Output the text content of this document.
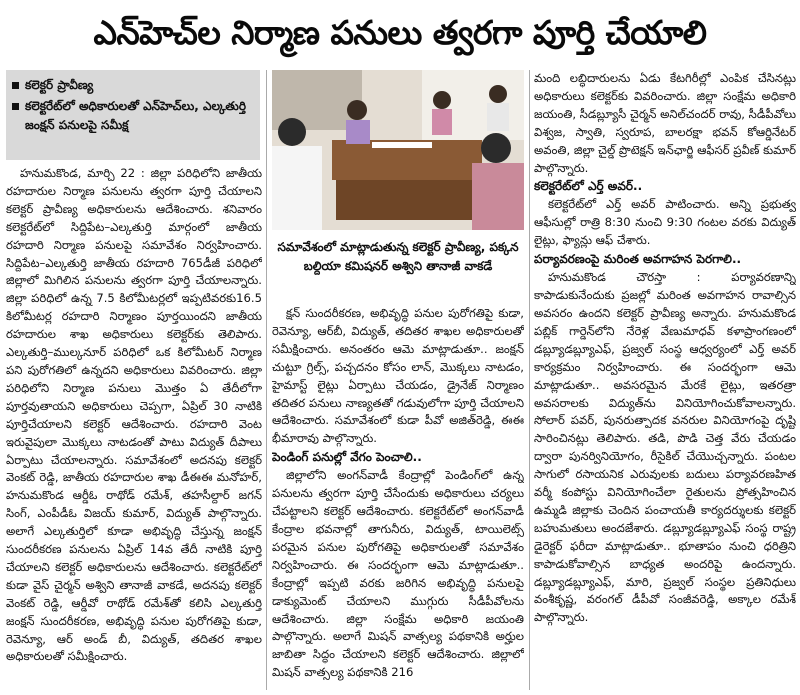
ఎన్‌హెచ్‌ల నిర్మాణ పనులు త్వరగా పూర్తి చేయాలి
కలెక్టర్ ప్రావీణ్య
కలెక్టరేట్‌లో అధికారులతో ఎన్‌హెచ్‌లు, ఎల్కతుర్తి జంక్షన్ పనులపై సమీక్ష

హనుమకొండ, మార్చి 22 : జిల్లా పరిధిలోని జాతీయ రహదారుల నిర్మాణ పనులను త్వరగా పూర్తి చేయాలని కలెక్టర్ ప్రావీణ్య అధికారులను ఆదేశించారు. శనివారం కలెక్టరేట్‌లో సిద్దిపేట–ఎల్కతుర్తి మార్గంలో జాతీయ రహదారి నిర్మాణ పనులపై సమావేశం నిర్వహించారు. సిద్దిపేట–ఎల్కతుర్తి జాతీయ రహదారి 765డీజీ పరిధిలో జిల్లాలో మిగిలిన పనులను త్వరగా పూర్తి చేయాలన్నారు. జిల్లా పరిధిలో ఉన్న 7.5 కిలోమీటర్లలో ఇప్పటివరకు16.5 కిలోమీటర్ల రహదారి నిర్మాణం పూర్తయిందని జాతీయ రహదారుల శాఖ అధికారులు కలెక్టర్‌కు తెలిపారు. ఎల్కతుర్తి–ముల్కనూర్ పరిధిలో ఒక కిలోమీటర్ నిర్మాణ పని పురోగతిలో ఉన్నదని అధికారులు వివరించారు. జిల్లా పరిధిలోని నిర్మాణ పనులు మొత్తం ఏ తేదీలోగా పూర్తవుతాయని అధికారులు చెప్పగా, ఏప్రిల్ 30 నాటికి పూర్తిచేయాలని కలెక్టర్ ఆదేశించారు. రహదారి వెంట ఇరువైపులా మొక్కలు నాటడంతో పాటు విద్యుత్ దీపాలు ఏర్పాటు చేయాలన్నారు. సమావేశంలో అదనపు కలెక్టర్ వెంకట్ రెడ్డి, జాతీయ రహదారుల శాఖ డీఈఈ మనోహర్, హనుమకొండ ఆర్డీఓ రాథోడ్ రమేశ్, తహసీల్దార్ జగన్ సింగ్, ఎంపీడీఓ విజయ్ కుమార్, విద్యుత్ పాల్గొన్నారు. అలాగే ఎల్కతుర్తిలో కూడా అభివృద్ధి చేస్తున్న జంక్షన్ సుందరీకరణ పనులను ఏప్రిల్ 14వ తేదీ నాటికి పూర్తి చేయాలని కలెక్టర్ అధికారులను ఆదేశించారు. కలెక్టరేట్‌లో కుడా వైస్ చైర్మన్ అశ్విని తానాజీ వాకడే, అదనపు కలెక్టర్ వెంకట్ రెడ్డి, ఆర్డీవో రాథోడ్ రమేశ్‌తో కలిసి ఎల్కతుర్తి జంక్షన్ సుందరీకరణ, అభివృద్ధి పనుల పురోగతిపై కుడా, రెవెన్యూ, ఆర్ అండ్ బీ, విద్యుత్, తదితర శాఖల అధికారులతో సమీక్షించారు.

సమావేశంలో మాట్లాడుతున్న కలెక్టర్ ప్రావీణ్య, పక్కన బల్దియా కమిషనర్ అశ్విని తానాజీ వాకడే

క్షన్ సుందరీకరణ, అభివృద్ధి పనుల పురోగతిపై కుడా, రెవెన్యూ, ఆర్‌బీ, విద్యుత్, తదితర శాఖల అధికారులతో సమీక్షించారు. అనంతరం ఆమె మాట్లాడుతూ.. జంక్షన్ చుట్టూ గ్రిల్స్, పచ్చదనం కోసం లాన్, మొక్కలు నాటడం, హైమాస్ట్ లైట్లు ఏర్పాటు చేయడం, డ్రైనేజ్ నిర్మాణం తదితర పనులు నాణ్యతతో గడువులోగా పూర్తి చేయాలని ఆదేశించారు. సమావేశంలో కుడా పీవో అజిత్‌రెడ్డి, ఈఈ భీమారావు పాల్గొన్నారు.

పెండింగ్ పనుల్లో వేగం పెంచాలి..

జిల్లాలోని అంగన్‌వాడీ కేంద్రాల్లో పెండింగ్‌లో ఉన్న పనులను త్వరగా పూర్తి చేసేందుకు అధికారులు చర్యలు చేపట్టాలని కలెక్టర్ ఆదేశించారు. కలెక్టరేట్‌లో అంగన్‌వాడీ కేంద్రాల భవనాల్లో తాగునీరు, విద్యుత్, టాయిలెట్స్ పరమైన పనుల పురోగతిపై అధికారులతో సమావేశం నిర్వహించారు. ఈ సందర్భంగా ఆమె మాట్లాడుతూ.. కేంద్రాల్లో ఇప్పటి వరకు జరిగిన అభివృద్ధి పనులపై డాక్యుమెంట్ చేయాలని ముగ్గురు సీడీపీవోలను ఆదేశించారు. జిల్లా సంక్షేమ అధికారి జయంతి పాల్గొన్నారు. అలాగే మిషన్ వాత్సల్య పథకానికి అర్హుల జాబితా సిద్ధం చేయాలని కలెక్టర్ ఆదేశించారు. జిల్లాలో మిషన్ వాత్సల్య పథకానికి 216

మంది లబ్ధిదారులను ఏడు కేటగిరీల్లో ఎంపిక చేసినట్లు అధికారులు కలెక్టర్‌కు వివరించారు. జిల్లా సంక్షేమ అధికారి జయంతి, సీడబ్ల్యూసీ చైర్మన్ అనిల్‌చందర్ రావు, సీడీపీవోలు విశ్వజ, స్వాతి, స్వరూప, బాలరక్షా భవన్ కోఆర్డినేటర్ అవంతి, జిల్లా చైల్డ్ ప్రొటెక్షన్ ఇన్‌ఛార్జి ఆఫీసర్ ప్రవీణ్ కుమార్ పాల్గొన్నారు.

కలెక్టరేట్‌లో ఎర్త్ అవర్..

కలెక్టరేట్‌లో ఎర్త్ అవర్ పాటించారు. అన్ని ప్రభుత్వ ఆఫీసుల్లో రాత్రి 8:30 నుంచి 9:30 గంటల వరకు విద్యుత్ లైట్లు, ఫ్యాన్లు ఆఫ్ చేశారు.

పర్యావరణంపై మరింత అవగాహన పెరగాలి..

హనుమకొండ చౌరస్తా : పర్యావరణాన్ని కాపాడుకునేందుకు ప్రజల్లో మరింత అవగాహన రావాల్సిన అవసరం ఉందని కలెక్టర్ ప్రావీణ్య అన్నారు. హనుమకొండ పబ్లిక్ గార్డెన్‌లోని నేరెళ్ల వేణుమాధవ్ కళాప్రాంగణంలో డబ్ల్యూడబ్ల్యూఎఫ్, ప్రజ్వల్ సంస్థ ఆధ్వర్యంలో ఎర్త్ అవర్ కార్యక్రమం నిర్వహించారు. ఈ సందర్భంగా ఆమె మాట్లాడుతూ.. అవసరమైన మేరకే లైట్లు, ఇతరత్రా అవసరాలకు విద్యుత్‌ను వినియోగించుకోవాలన్నారు. సోలార్ పవర్, పునరుత్పాదక వనరుల వినియోగంపై దృష్టి సారించినట్లు తెలిపారు. తడి, పొడి చెత్త వేరు చేయడం ద్వారా పునర్వినియోగం, రీసైకిల్ చేయొచ్చన్నారు. పంటల సాగులో రసాయనిక ఎరువులకు బదులు పర్యావరణహిత వర్మీ కంపోస్టు వినియోగించేలా రైతులను ప్రోత్సహించిన ఉమ్మడి జిల్లాకు చెందిన పంచాయతీ కార్యదర్శులకు కలెక్టర్ బహుమతులు అందజేశారు. డబ్ల్యూడబ్ల్యూఎఫ్ సంస్థ రాష్ట్ర డైరెక్టర్ ఫరీదా మాట్లాడుతూ.. భూతాపం నుంచి ధరిత్రిని కాపాడుకోవాల్సిన బాధ్యత అందరిపై ఉందన్నారు. డబ్ల్యూడబ్ల్యూఎఫ్, మారి, ప్రజ్వల్ సంస్థల ప్రతినిధులు వంశీకృష్ణ, వరంగల్ డీపీవో సంజీవరెడ్డి, అక్కాల రమేశ్ పాల్గొన్నారు.
